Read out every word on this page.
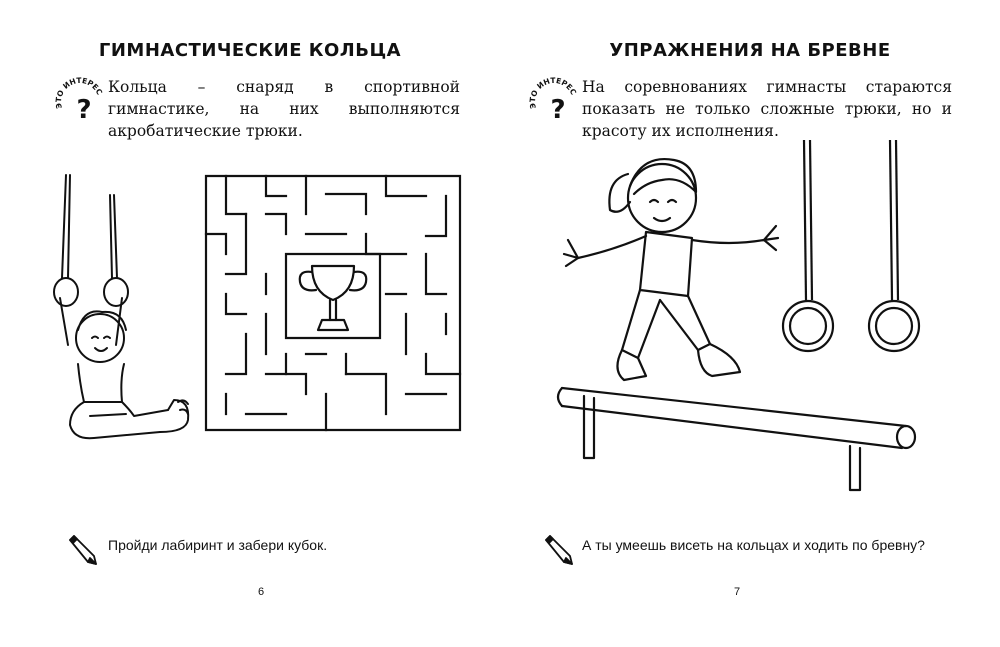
ГИМНАСТИЧЕСКИЕ КОЛЬЦА
ЭТО ИНТЕРЕСНО
?
Кольца – снаряд в спортивной гимнастике, на них выполняются акробатические трюки.
Пройди лабиринт и забери кубок.
6
УПРАЖНЕНИЯ НА БРЕВНЕ
ЭТО ИНТЕРЕСНО
?
На соревнованиях гимнасты стараются показать не только сложные трюки, но и красоту их исполнения.
А ты умеешь висеть на кольцах и ходить по бревну?
7
